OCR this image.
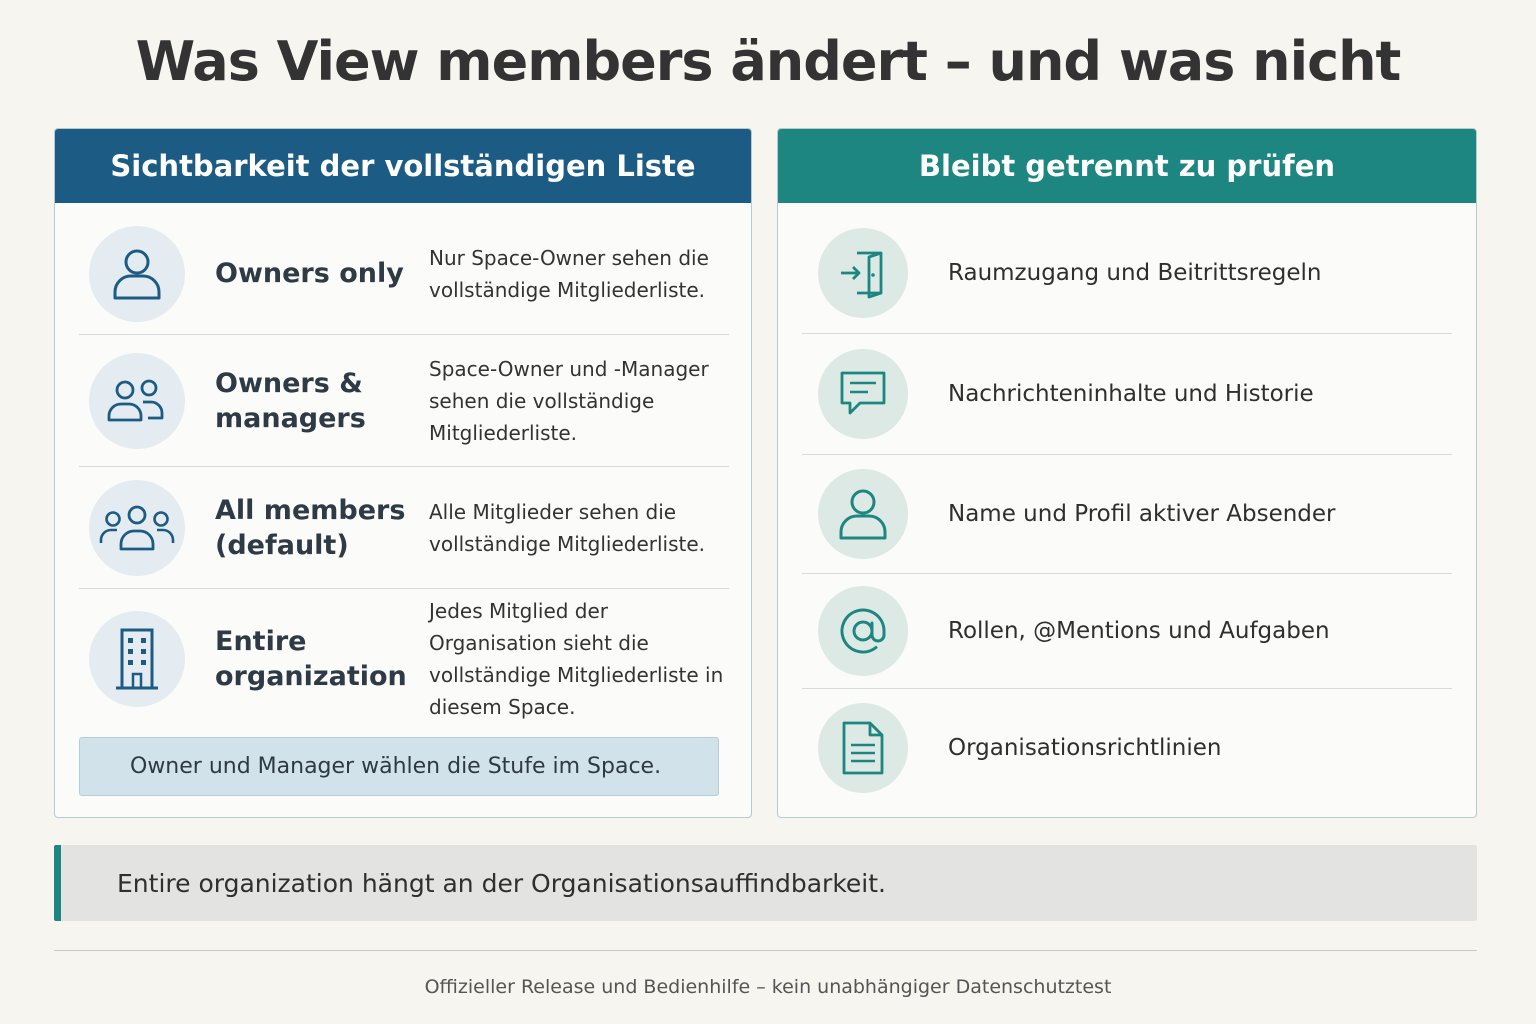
Was View members ändert – und was nicht
Sichtbarkeit der vollständigen Liste
Owners only
Nur Space-Owner sehen die vollständige Mitgliederliste.
Owners & managers
Space-Owner und -Manager sehen die vollständige Mitgliederliste.
All members (default)
Alle Mitglieder sehen die vollständige Mitgliederliste.
Entire organization
Jedes Mitglied der Organisation sieht die vollständige Mitgliederliste in diesem Space.
Owner und Manager wählen die Stufe im Space.
Bleibt getrennt zu prüfen
Raumzugang und Beitrittsregeln
Nachrichteninhalte und Historie
Name und Profil aktiver Absender
Rollen, @Mentions und Aufgaben
Organisationsrichtlinien
Entire organization hängt an der Organisationsauffindbarkeit.
Offizieller Release und Bedienhilfe – kein unabhängiger Datenschutztest
